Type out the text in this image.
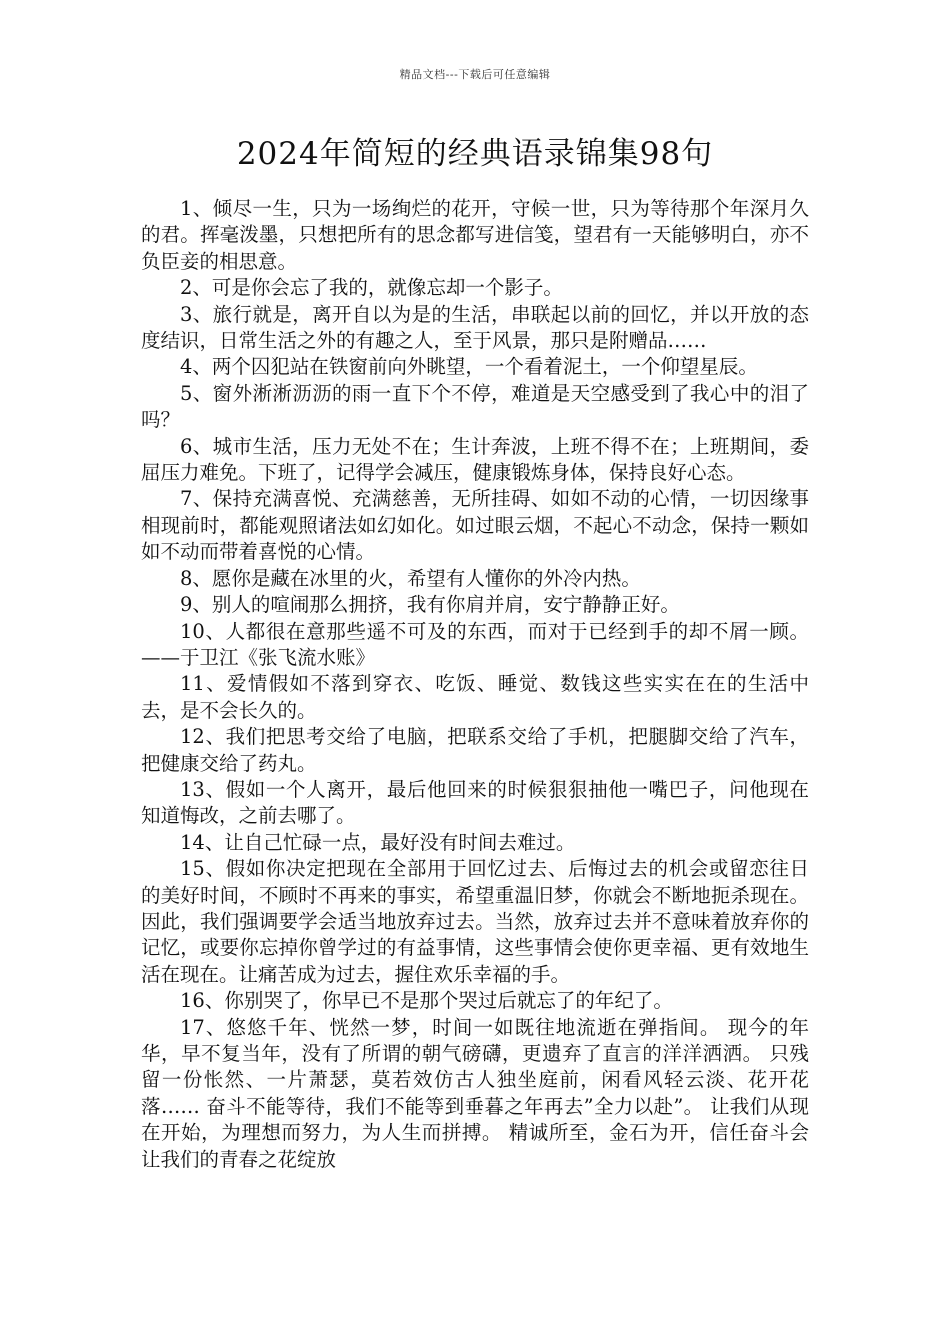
精品文档---下载后可任意编辑
2024年简短的经典语录锦集98句

1、倾尽一生，只为一场绚烂的花开，守候一世，只为等待那个年深月久的君。挥毫泼墨，只想把所有的思念都写进信笺，望君有一天能够明白，亦不负臣妾的相思意。

2、可是你会忘了我的，就像忘却一个影子。

3、旅行就是，离开自以为是的生活，串联起以前的回忆，并以开放的态度结识，日常生活之外的有趣之人，至于风景，那只是附赠品……

4、两个囚犯站在铁窗前向外眺望，一个看着泥土，一个仰望星辰。

5、窗外淅淅沥沥的雨一直下个不停，难道是天空感受到了我心中的泪了吗？

6、城市生活，压力无处不在；生计奔波，上班不得不在；上班期间，委屈压力难免。下班了，记得学会减压，健康锻炼身体，保持良好心态。

7、保持充满喜悦、充满慈善，无所挂碍、如如不动的心情，一切因缘事相现前时，都能观照诸法如幻如化。如过眼云烟，不起心不动念，保持一颗如如不动而带着喜悦的心情。

8、愿你是藏在冰里的火，希望有人懂你的外冷内热。

9、别人的喧闹那么拥挤，我有你肩并肩，安宁静静正好。

10、人都很在意那些遥不可及的东西，而对于已经到手的却不屑一顾。 ——于卫江《张飞流水账》

11、爱情假如不落到穿衣、吃饭、睡觉、数钱这些实实在在的生活中去，是不会长久的。

12、我们把思考交给了电脑，把联系交给了手机，把腿脚交给了汽车，把健康交给了药丸。

13、假如一个人离开，最后他回来的时候狠狠抽他一嘴巴子，问他现在知道悔改，之前去哪了。

14、让自己忙碌一点，最好没有时间去难过。

15、假如你决定把现在全部用于回忆过去、后悔过去的机会或留恋往日的美好时间，不顾时不再来的事实，希望重温旧梦，你就会不断地扼杀现在。因此，我们强调要学会适当地放弃过去。当然，放弃过去并不意味着放弃你的记忆，或要你忘掉你曾学过的有益事情，这些事情会使你更幸福、更有效地生活在现在。让痛苦成为过去，握住欢乐幸福的手。

16、你别哭了，你早已不是那个哭过后就忘了的年纪了。

17、悠悠千年、恍然一梦，时间一如既往地流逝在弹指间。 现今的年华，早不复当年，没有了所谓的朝气磅礴，更遗弃了直言的洋洋洒洒。 只残留一份怅然、一片萧瑟，莫若效仿古人独坐庭前，闲看风轻云淡、花开花落…… 奋斗不能等待，我们不能等到垂暮之年再去”全力以赴”。 让我们从现在开始，为理想而努力，为人生而拼搏。 精诚所至，金石为开，信任奋斗会让我们的青春之花绽放
